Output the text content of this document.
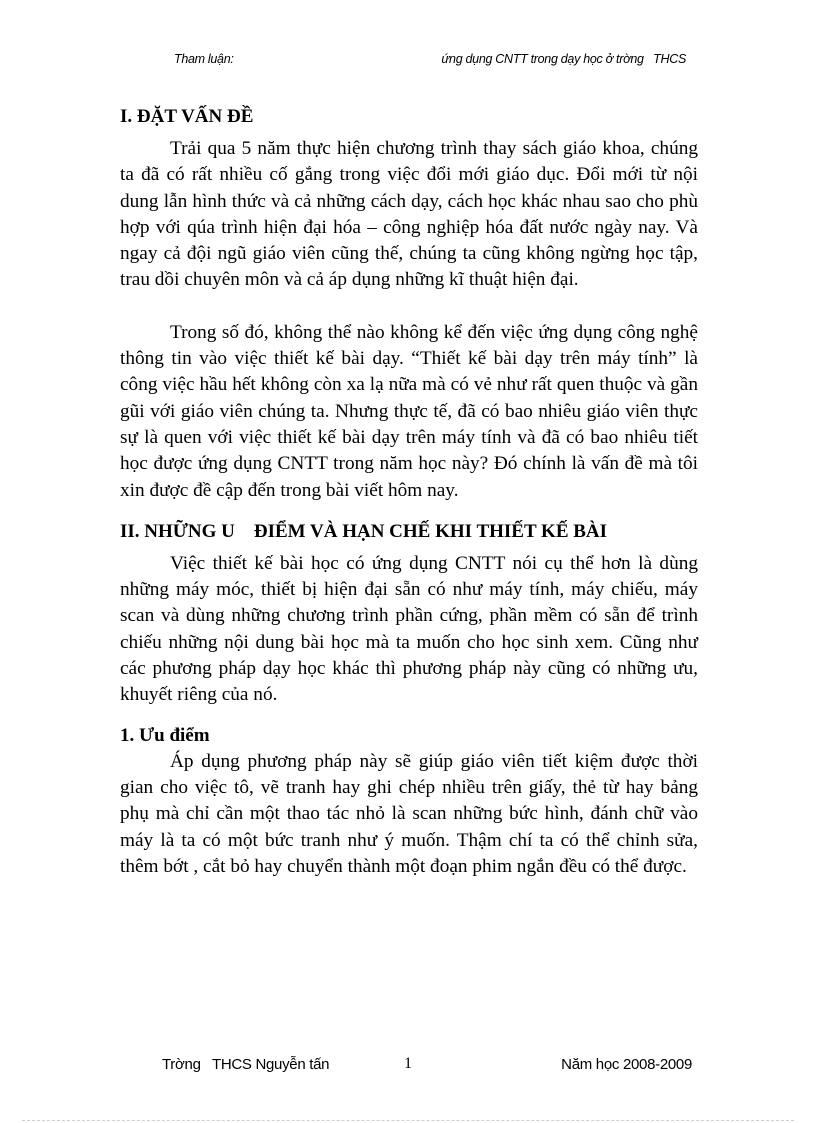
Tham luận:	ứng dụng CNTT trong dạy học ở trờng   THCS
I. ĐẶT VẤN ĐỀ

Trải qua 5 năm thực hiện chương trình thay sách giáo khoa, chúng ta đã có rất nhiều cố gắng trong việc đổi mới giáo dục. Đổi mới từ nội dung lẫn hình thức và cả những cách dạy, cách học khác nhau sao cho phù hợp với qúa trình hiện đại hóa – công nghiệp hóa đất nước ngày nay. Và ngay cả đội ngũ giáo viên cũng thế, chúng ta cũng không ngừng học tập, trau dồi chuyên môn và cả áp dụng những kĩ thuật hiện đại.

Trong số đó, không thể nào không kể đến việc ứng dụng công nghệ thông tin vào việc thiết kế bài dạy. “Thiết kế bài dạy trên máy tính” là công việc hầu hết không còn xa lạ nữa mà có vẻ như rất quen thuộc và gần gũi với giáo viên chúng ta. Nhưng thực tế, đã có bao nhiêu giáo viên thực sự là quen với việc thiết kế bài dạy trên máy tính và đã có bao nhiêu tiết học được ứng dụng CNTT trong năm học này? Đó chính là vấn đề mà tôi xin được đề cập đến trong bài viết hôm nay.

II. NHỮNG U    ĐIỂM VÀ HẠN CHẾ KHI THIẾT KẾ BÀI

Việc thiết kế bài học có ứng dụng CNTT nói cụ thể hơn là dùng những máy móc, thiết bị hiện đại sẵn có như máy tính, máy chiếu, máy scan và dùng những chương trình phần cứng, phần mềm có sẵn để trình chiếu những nội dung bài học mà ta muốn cho học sinh xem. Cũng như các phương pháp dạy học khác thì phương pháp này cũng có những ưu, khuyết riêng của nó.

1. Ưu điểm

Áp dụng phương pháp này sẽ giúp giáo viên tiết kiệm được thời gian cho việc tô, vẽ tranh hay ghi chép nhiều trên giấy, thẻ từ hay bảng phụ mà chỉ cần một thao tác nhỏ là scan những bức hình, đánh chữ vào máy là ta có một bức tranh như ý muốn. Thậm chí ta có thể chỉnh sửa, thêm bớt , cắt bỏ hay chuyển thành một đoạn phim ngắn đều có thể được.

Trờng   THCS Nguyễn tấn	1	Năm học 2008-2009
